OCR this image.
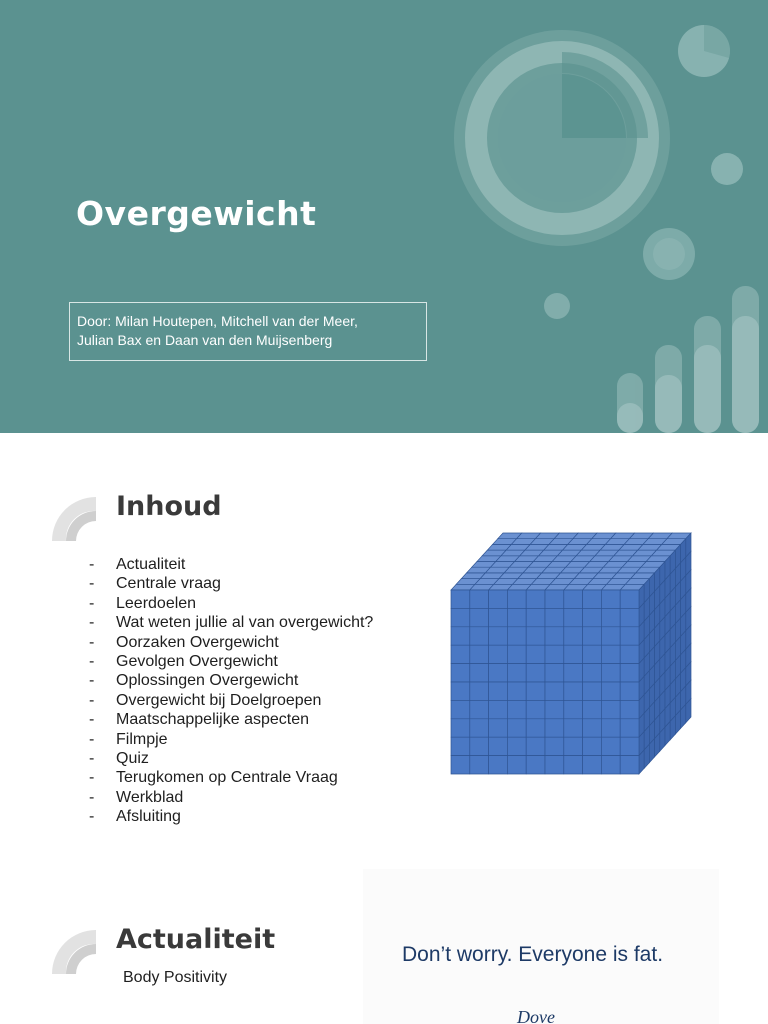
Overgewicht
Door: Milan Houtepen, Mitchell van der Meer,
Julian Bax en Daan van den Muijsenberg
Inhoud
- Actualiteit
- Centrale vraag
- Leerdoelen
- Wat weten jullie al van overgewicht?
- Oorzaken Overgewicht
- Gevolgen Overgewicht
- Oplossingen Overgewicht
- Overgewicht bij Doelgroepen
- Maatschappelijke aspecten
- Filmpje
- Quiz
- Terugkomen op Centrale Vraag
- Werkblad
- Afsluiting
Actualiteit
Body Positivity
Don’t worry. Everyone is fat.
Dove
